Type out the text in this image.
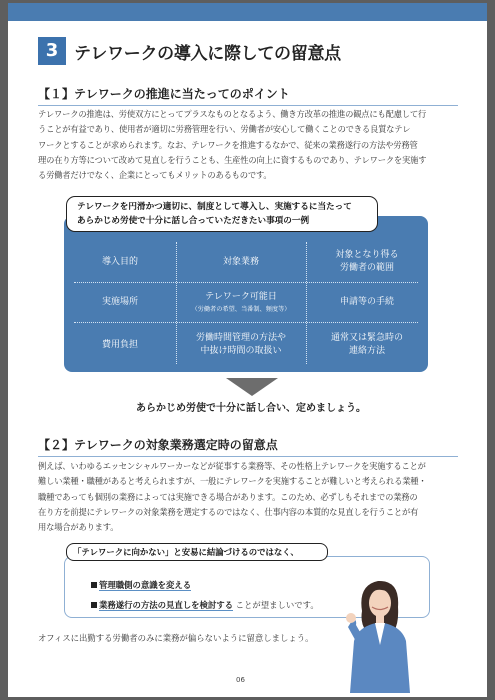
3 テレワークの導入に際しての留意点
【１】テレワークの推進に当たってのポイント

テレワークの推進は、労使双方にとってプラスなものとなるよう、働き方改革の推進の観点にも配慮して行

うことが有益であり、使用者が適切に労務管理を行い、労働者が安心して働くことのできる良質なテレ

ワークとすることが求められます。なお、テレワークを推進するなかで、従来の業務遂行の方法や労務管

理の在り方等について改めて見直しを行うことも、生産性の向上に資するものであり、テレワークを実施す

る労働者だけでなく、企業にとってもメリットのあるものです。

テレワークを円滑かつ適切に、制度として導入し、実施するに当たって
あらかじめ労使で十分に話し合っていただきたい事項の一例
導入目的	対象業務
対象となり得る
労働者の範囲
実施場所	テレワーク可能日
（労働者の希望、当番制、頻度等）
申請等の手続
費用負担
労働時間管理の方法や
中抜け時間の取扱い
通常又は緊急時の
連絡方法
あらかじめ労使で十分に話し合い、定めましょう。
【２】テレワークの対象業務選定時の留意点

例えば、いわゆるエッセンシャルワーカーなどが従事する業務等、その性格上テレワークを実施することが

難しい業種・職種があると考えられますが、一般にテレワークを実施することが難しいと考えられる業種・

職種であっても個別の業務によっては実施できる場合があります。このため、必ずしもそれまでの業務の

在り方を前提にテレワークの対象業務を選定するのではなく、仕事内容の本質的な見直しを行うことが有

用な場合があります。

「テレワークに向かない」と安易に結論づけるのではなく、
管理職側の意識を変える
業務遂行の方法の見直しを検討する ことが望ましいです。
オフィスに出勤する労働者のみに業務が偏らないように留意しましょう。
06
